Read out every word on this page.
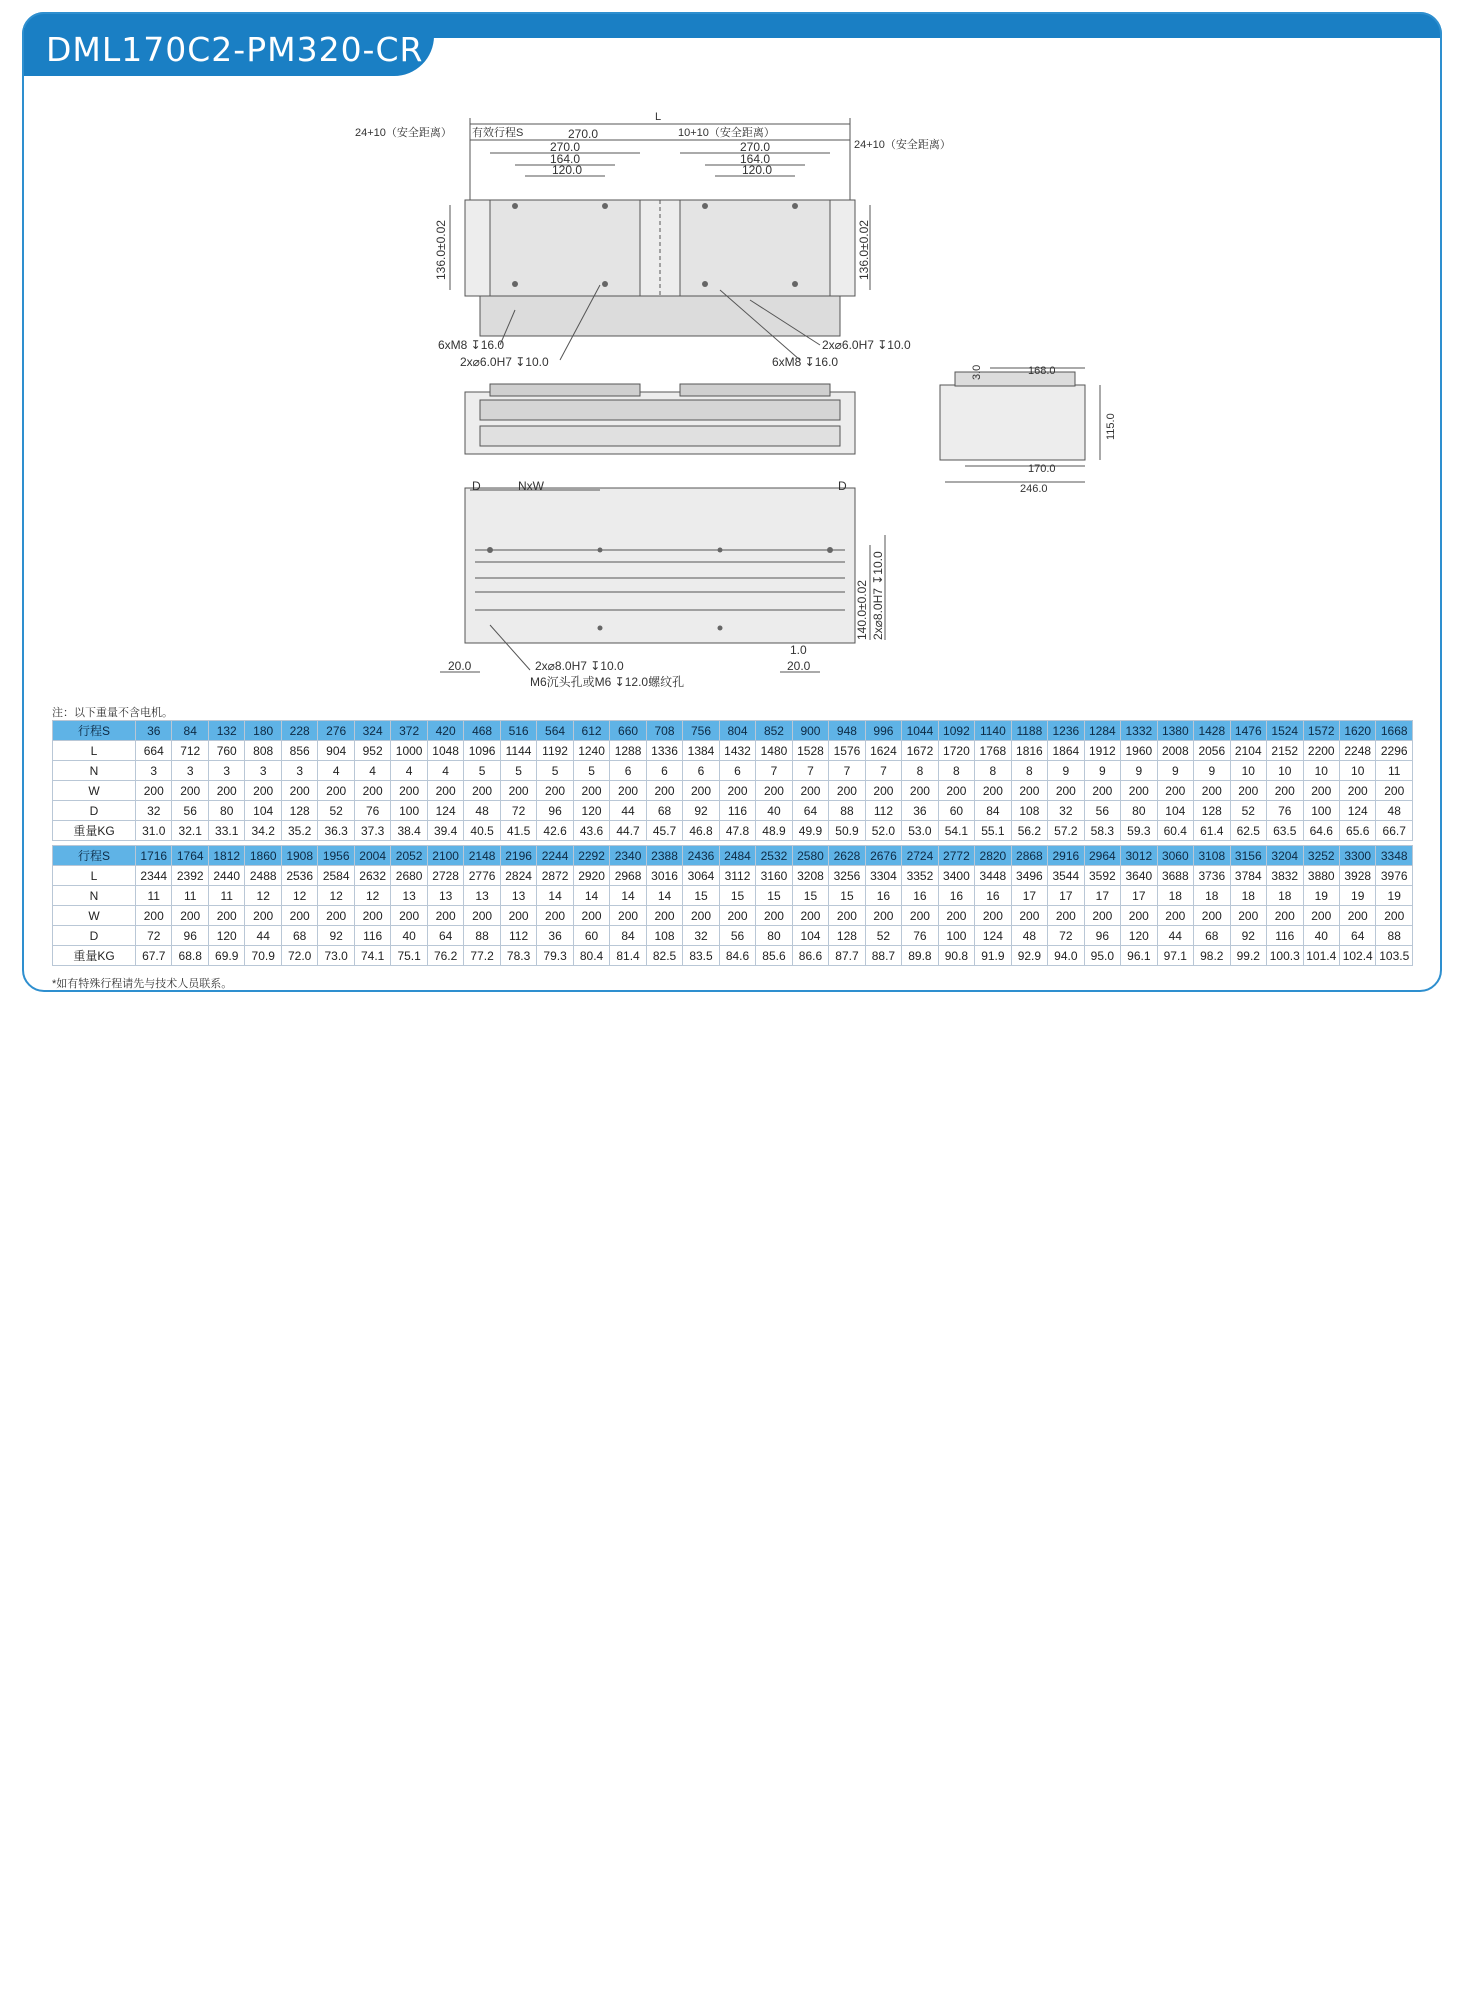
DML170C2-PM320-CR
L
24+10（安全距离） 有效行程S	10+10（安全距离）
24+10（安全距离）
270.0
270.0
270.0
164.0	164.0
120.0	120.0
136.0±0.02	136.0±0.02
6xM8 ↧16.0
2x⌀6.0H7 ↧10.0
2x⌀6.0H7 ↧10.0
6xM8 ↧16.0
168.0
3.0
115.0
170.0
246.0
D	NxW	D
140.0±0.02 2x⌀8.0H7 ↧10.0
20.0	2x⌀8.0H7 ↧10.0
M6沉头孔或M6 ↧12.0螺纹孔
1.0
20.0
注：以下重量不含电机。
行程S	36	84	132	180	228	276	324	372	420	468	516	564	612	660	708	756	804	852	900	948	996	1044	1092	1140	1188	1236	1284	1332	1380	1428	1476	1524	1572	1620	1668
L	664	712	760	808	856	904	952	1000	1048	1096	1144	1192	1240	1288	1336	1384	1432	1480	1528	1576	1624	1672	1720	1768	1816	1864	1912	1960	2008	2056	2104	2152	2200	2248	2296
N	3	3	3	3	3	4	4	4	4	5	5	5	5	6	6	6	6	7	7	7	7	8	8	8	8	9	9	9	9	9	10	10	10	10	11
W	200	200	200	200	200	200	200	200	200	200	200	200	200	200	200	200	200	200	200	200	200	200	200	200	200	200	200	200	200	200	200	200	200	200	200
D	32	56	80	104	128	52	76	100	124	48	72	96	120	44	68	92	116	40	64	88	112	36	60	84	108	32	56	80	104	128	52	76	100	124	48
重量KG	31.0	32.1	33.1	34.2	35.2	36.3	37.3	38.4	39.4	40.5	41.5	42.6	43.6	44.7	45.7	46.8	47.8	48.9	49.9	50.9	52.0	53.0	54.1	55.1	56.2	57.2	58.3	59.3	60.4	61.4	62.5	63.5	64.6	65.6	66.7
行程S	1716	1764	1812	1860	1908	1956	2004	2052	2100	2148	2196	2244	2292	2340	2388	2436	2484	2532	2580	2628	2676	2724	2772	2820	2868	2916	2964	3012	3060	3108	3156	3204	3252	3300	3348
L	2344	2392	2440	2488	2536	2584	2632	2680	2728	2776	2824	2872	2920	2968	3016	3064	3112	3160	3208	3256	3304	3352	3400	3448	3496	3544	3592	3640	3688	3736	3784	3832	3880	3928	3976
N	11	11	11	12	12	12	12	13	13	13	13	14	14	14	14	15	15	15	15	15	16	16	16	16	17	17	17	17	18	18	18	18	19	19	19
W	200	200	200	200	200	200	200	200	200	200	200	200	200	200	200	200	200	200	200	200	200	200	200	200	200	200	200	200	200	200	200	200	200	200	200
D	72	96	120	44	68	92	116	40	64	88	112	36	60	84	108	32	56	80	104	128	52	76	100	124	48	72	96	120	44	68	92	116	40	64	88
重量KG	67.7	68.8	69.9	70.9	72.0	73.0	74.1	75.1	76.2	77.2	78.3	79.3	80.4	81.4	82.5	83.5	84.6	85.6	86.6	87.7	88.7	89.8	90.8	91.9	92.9	94.0	95.0	96.1	97.1	98.2	99.2	100.3	101.4	102.4	103.5
*如有特殊行程请先与技术人员联系。
